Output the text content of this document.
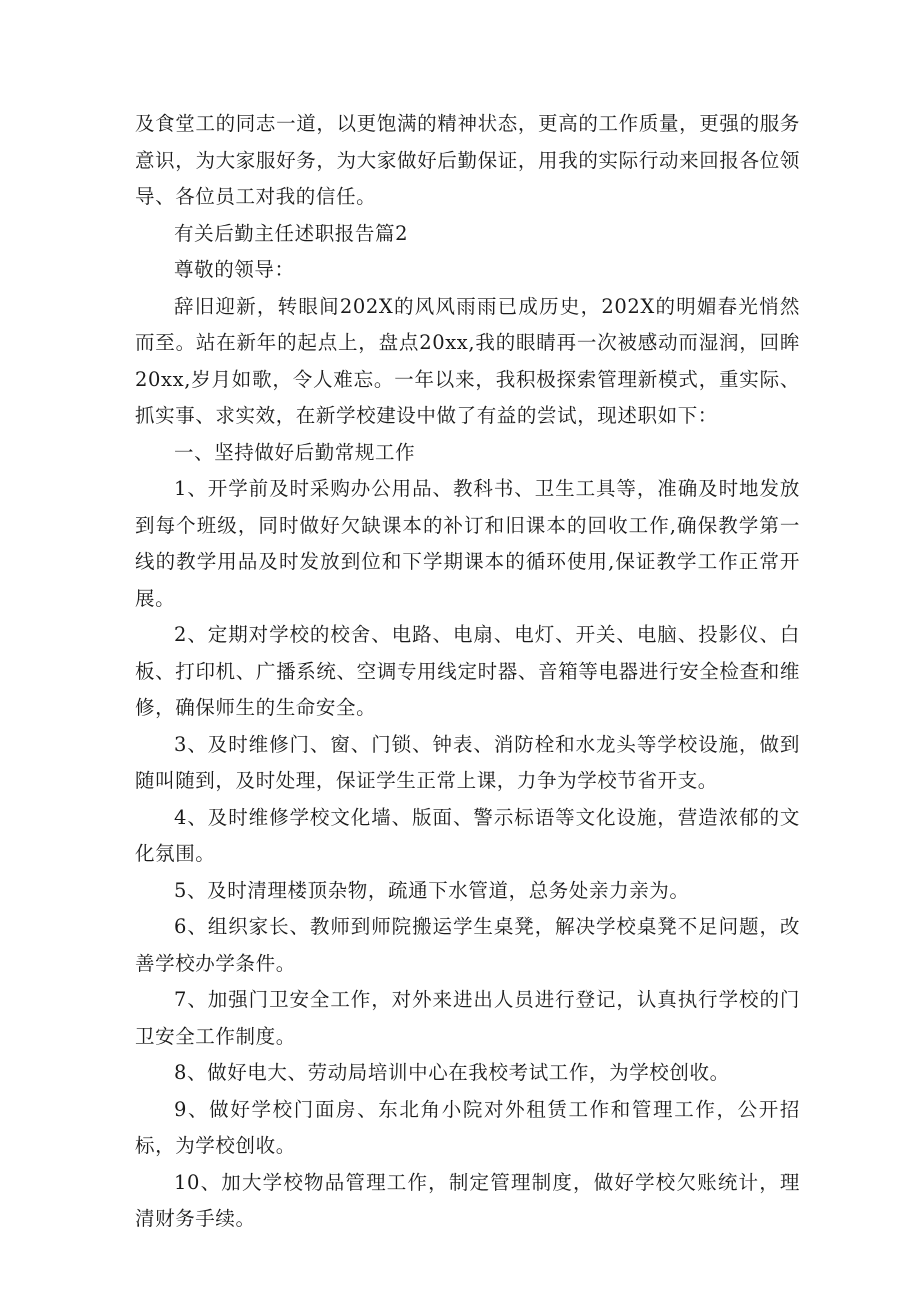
及食堂工的同志一道，以更饱满的精神状态，更高的工作质量，更强的服务意识，为大家服好务，为大家做好后勤保证，用我的实际行动来回报各位领导、各位员工对我的信任。

有关后勤主任述职报告篇2

尊敬的领导：

辞旧迎新，转眼间202X的风风雨雨已成历史，202X的明媚春光悄然而至。站在新年的起点上，盘点20xx,我的眼睛再一次被感动而湿润，回眸20xx,岁月如歌，令人难忘。一年以来，我积极探索管理新模式，重实际、抓实事、求实效，在新学校建设中做了有益的尝试，现述职如下：

一、坚持做好后勤常规工作

1、开学前及时采购办公用品、教科书、卫生工具等，准确及时地发放到每个班级，同时做好欠缺课本的补订和旧课本的回收工作,确保教学第一线的教学用品及时发放到位和下学期课本的循环使用,保证教学工作正常开展。

2、定期对学校的校舍、电路、电扇、电灯、开关、电脑、投影仪、白板、打印机、广播系统、空调专用线定时器、音箱等电器进行安全检查和维修，确保师生的生命安全。

3、及时维修门、窗、门锁、钟表、消防栓和水龙头等学校设施，做到随叫随到，及时处理，保证学生正常上课，力争为学校节省开支。

4、及时维修学校文化墙、版面、警示标语等文化设施，营造浓郁的文化氛围。

5、及时清理楼顶杂物，疏通下水管道，总务处亲力亲为。

6、组织家长、教师到师院搬运学生桌凳，解决学校桌凳不足问题，改善学校办学条件。

7、加强门卫安全工作，对外来进出人员进行登记，认真执行学校的门卫安全工作制度。

8、做好电大、劳动局培训中心在我校考试工作，为学校创收。

9、做好学校门面房、东北角小院对外租赁工作和管理工作，公开招标，为学校创收。

10、加大学校物品管理工作，制定管理制度，做好学校欠账统计，理清财务手续。
